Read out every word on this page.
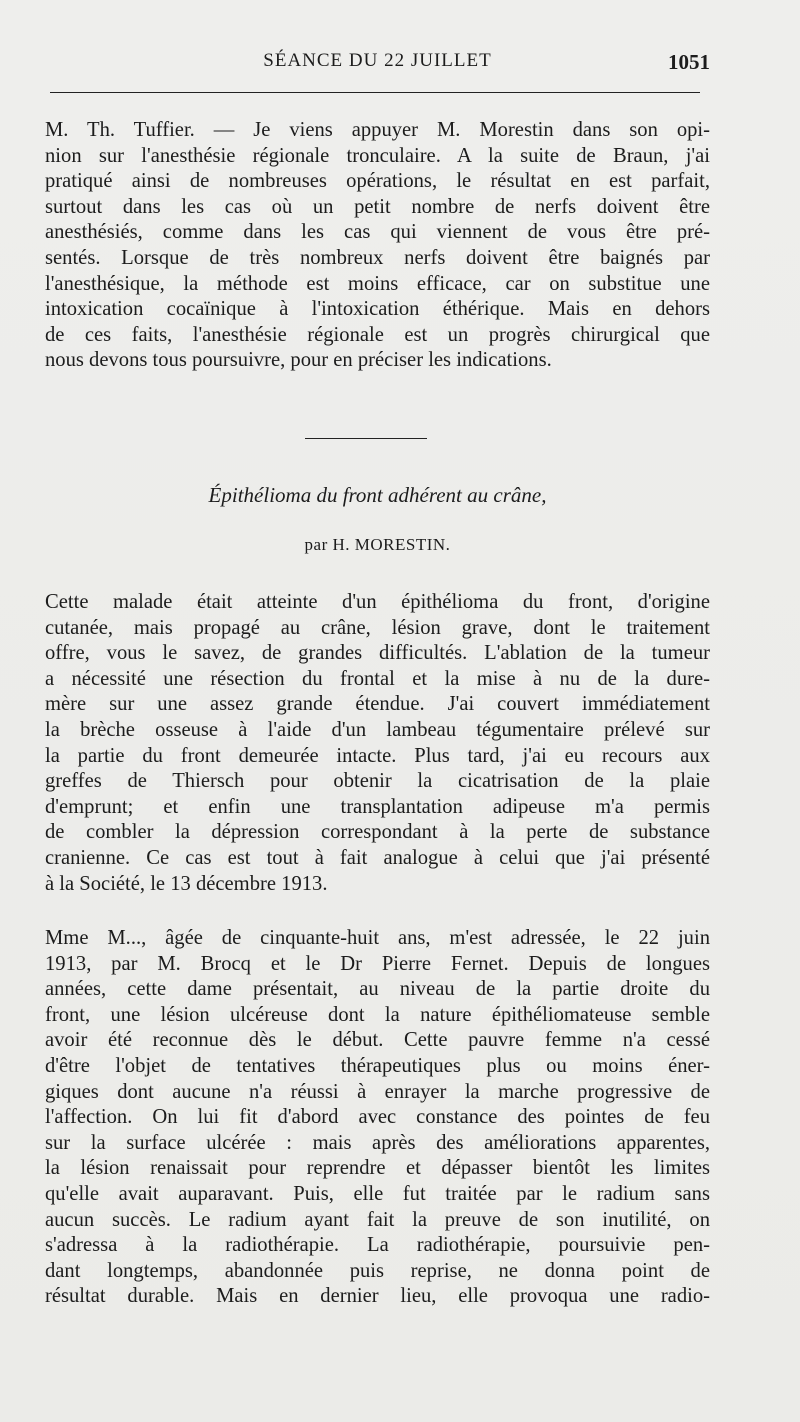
SÉANCE DU 22 JUILLET	1051
M. Th. Tuffier. — Je viens appuyer M. Morestin dans son opi-
nion sur l'anesthésie régionale tronculaire. A la suite de Braun, j'ai
pratiqué ainsi de nombreuses opérations, le résultat en est parfait,
surtout dans les cas où un petit nombre de nerfs doivent être
anesthésiés, comme dans les cas qui viennent de vous être pré-
sentés. Lorsque de très nombreux nerfs doivent être baignés par
l'anesthésique, la méthode est moins efficace, car on substitue une
intoxication cocaïnique à l'intoxication éthérique. Mais en dehors
de ces faits, l'anesthésie régionale est un progrès chirurgical que
nous devons tous poursuivre, pour en préciser les indications.
Épithélioma du front adhérent au crâne,
par H. MORESTIN.
Cette malade était atteinte d'un épithélioma du front, d'origine
cutanée, mais propagé au crâne, lésion grave, dont le traitement
offre, vous le savez, de grandes difficultés. L'ablation de la tumeur
a nécessité une résection du frontal et la mise à nu de la dure-
mère sur une assez grande étendue. J'ai couvert immédiatement
la brèche osseuse à l'aide d'un lambeau tégumentaire prélevé sur
la partie du front demeurée intacte. Plus tard, j'ai eu recours aux
greffes de Thiersch pour obtenir la cicatrisation de la plaie
d'emprunt; et enfin une transplantation adipeuse m'a permis
de combler la dépression correspondant à la perte de substance
cranienne. Ce cas est tout à fait analogue à celui que j'ai présenté
à la Société, le 13 décembre 1913.
Mme M..., âgée de cinquante-huit ans, m'est adressée, le 22 juin
1913, par M. Brocq et le Dr Pierre Fernet. Depuis de longues
années, cette dame présentait, au niveau de la partie droite du
front, une lésion ulcéreuse dont la nature épithéliomateuse semble
avoir été reconnue dès le début. Cette pauvre femme n'a cessé
d'être l'objet de tentatives thérapeutiques plus ou moins éner-
giques dont aucune n'a réussi à enrayer la marche progressive de
l'affection. On lui fit d'abord avec constance des pointes de feu
sur la surface ulcérée : mais après des améliorations apparentes,
la lésion renaissait pour reprendre et dépasser bientôt les limites
qu'elle avait auparavant. Puis, elle fut traitée par le radium sans
aucun succès. Le radium ayant fait la preuve de son inutilité, on
s'adressa à la radiothérapie. La radiothérapie, poursuivie pen-
dant longtemps, abandonnée puis reprise, ne donna point de
résultat durable. Mais en dernier lieu, elle provoqua une radio-
